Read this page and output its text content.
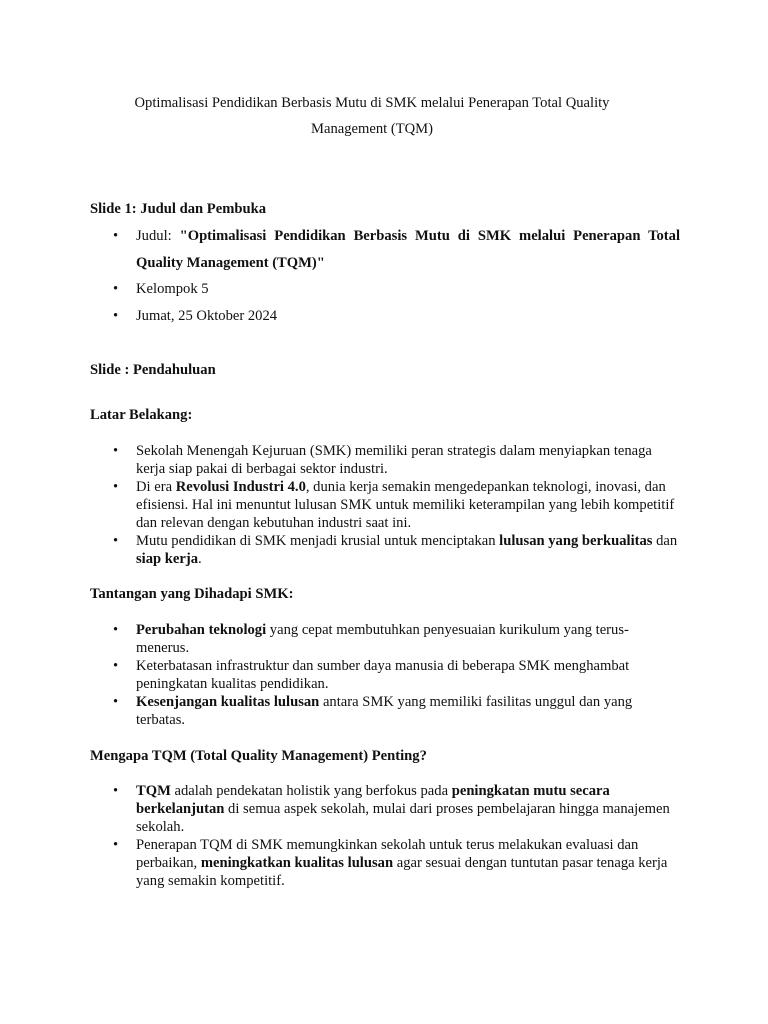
Optimalisasi Pendidikan Berbasis Mutu di SMK melalui Penerapan Total Quality
Management (TQM)
Slide 1: Judul dan Pembuka
• Judul: "Optimalisasi Pendidikan Berbasis Mutu di SMK melalui Penerapan Total Quality Management (TQM)"
• Kelompok 5
• Jumat, 25 Oktober 2024
Slide : Pendahuluan
Latar Belakang:
• Sekolah Menengah Kejuruan (SMK) memiliki peran strategis dalam menyiapkan tenaga kerja siap pakai di berbagai sektor industri.
• Di era Revolusi Industri 4.0, dunia kerja semakin mengedepankan teknologi, inovasi, dan efisiensi. Hal ini menuntut lulusan SMK untuk memiliki keterampilan yang lebih kompetitif dan relevan dengan kebutuhan industri saat ini.
• Mutu pendidikan di SMK menjadi krusial untuk menciptakan lulusan yang berkualitas dan siap kerja.
Tantangan yang Dihadapi SMK:
• Perubahan teknologi yang cepat membutuhkan penyesuaian kurikulum yang terus-menerus.
• Keterbatasan infrastruktur dan sumber daya manusia di beberapa SMK menghambat peningkatan kualitas pendidikan.
• Kesenjangan kualitas lulusan antara SMK yang memiliki fasilitas unggul dan yang terbatas.
Mengapa TQM (Total Quality Management) Penting?
• TQM adalah pendekatan holistik yang berfokus pada peningkatan mutu secara berkelanjutan di semua aspek sekolah, mulai dari proses pembelajaran hingga manajemen sekolah.
• Penerapan TQM di SMK memungkinkan sekolah untuk terus melakukan evaluasi dan perbaikan, meningkatkan kualitas lulusan agar sesuai dengan tuntutan pasar tenaga kerja yang semakin kompetitif.
